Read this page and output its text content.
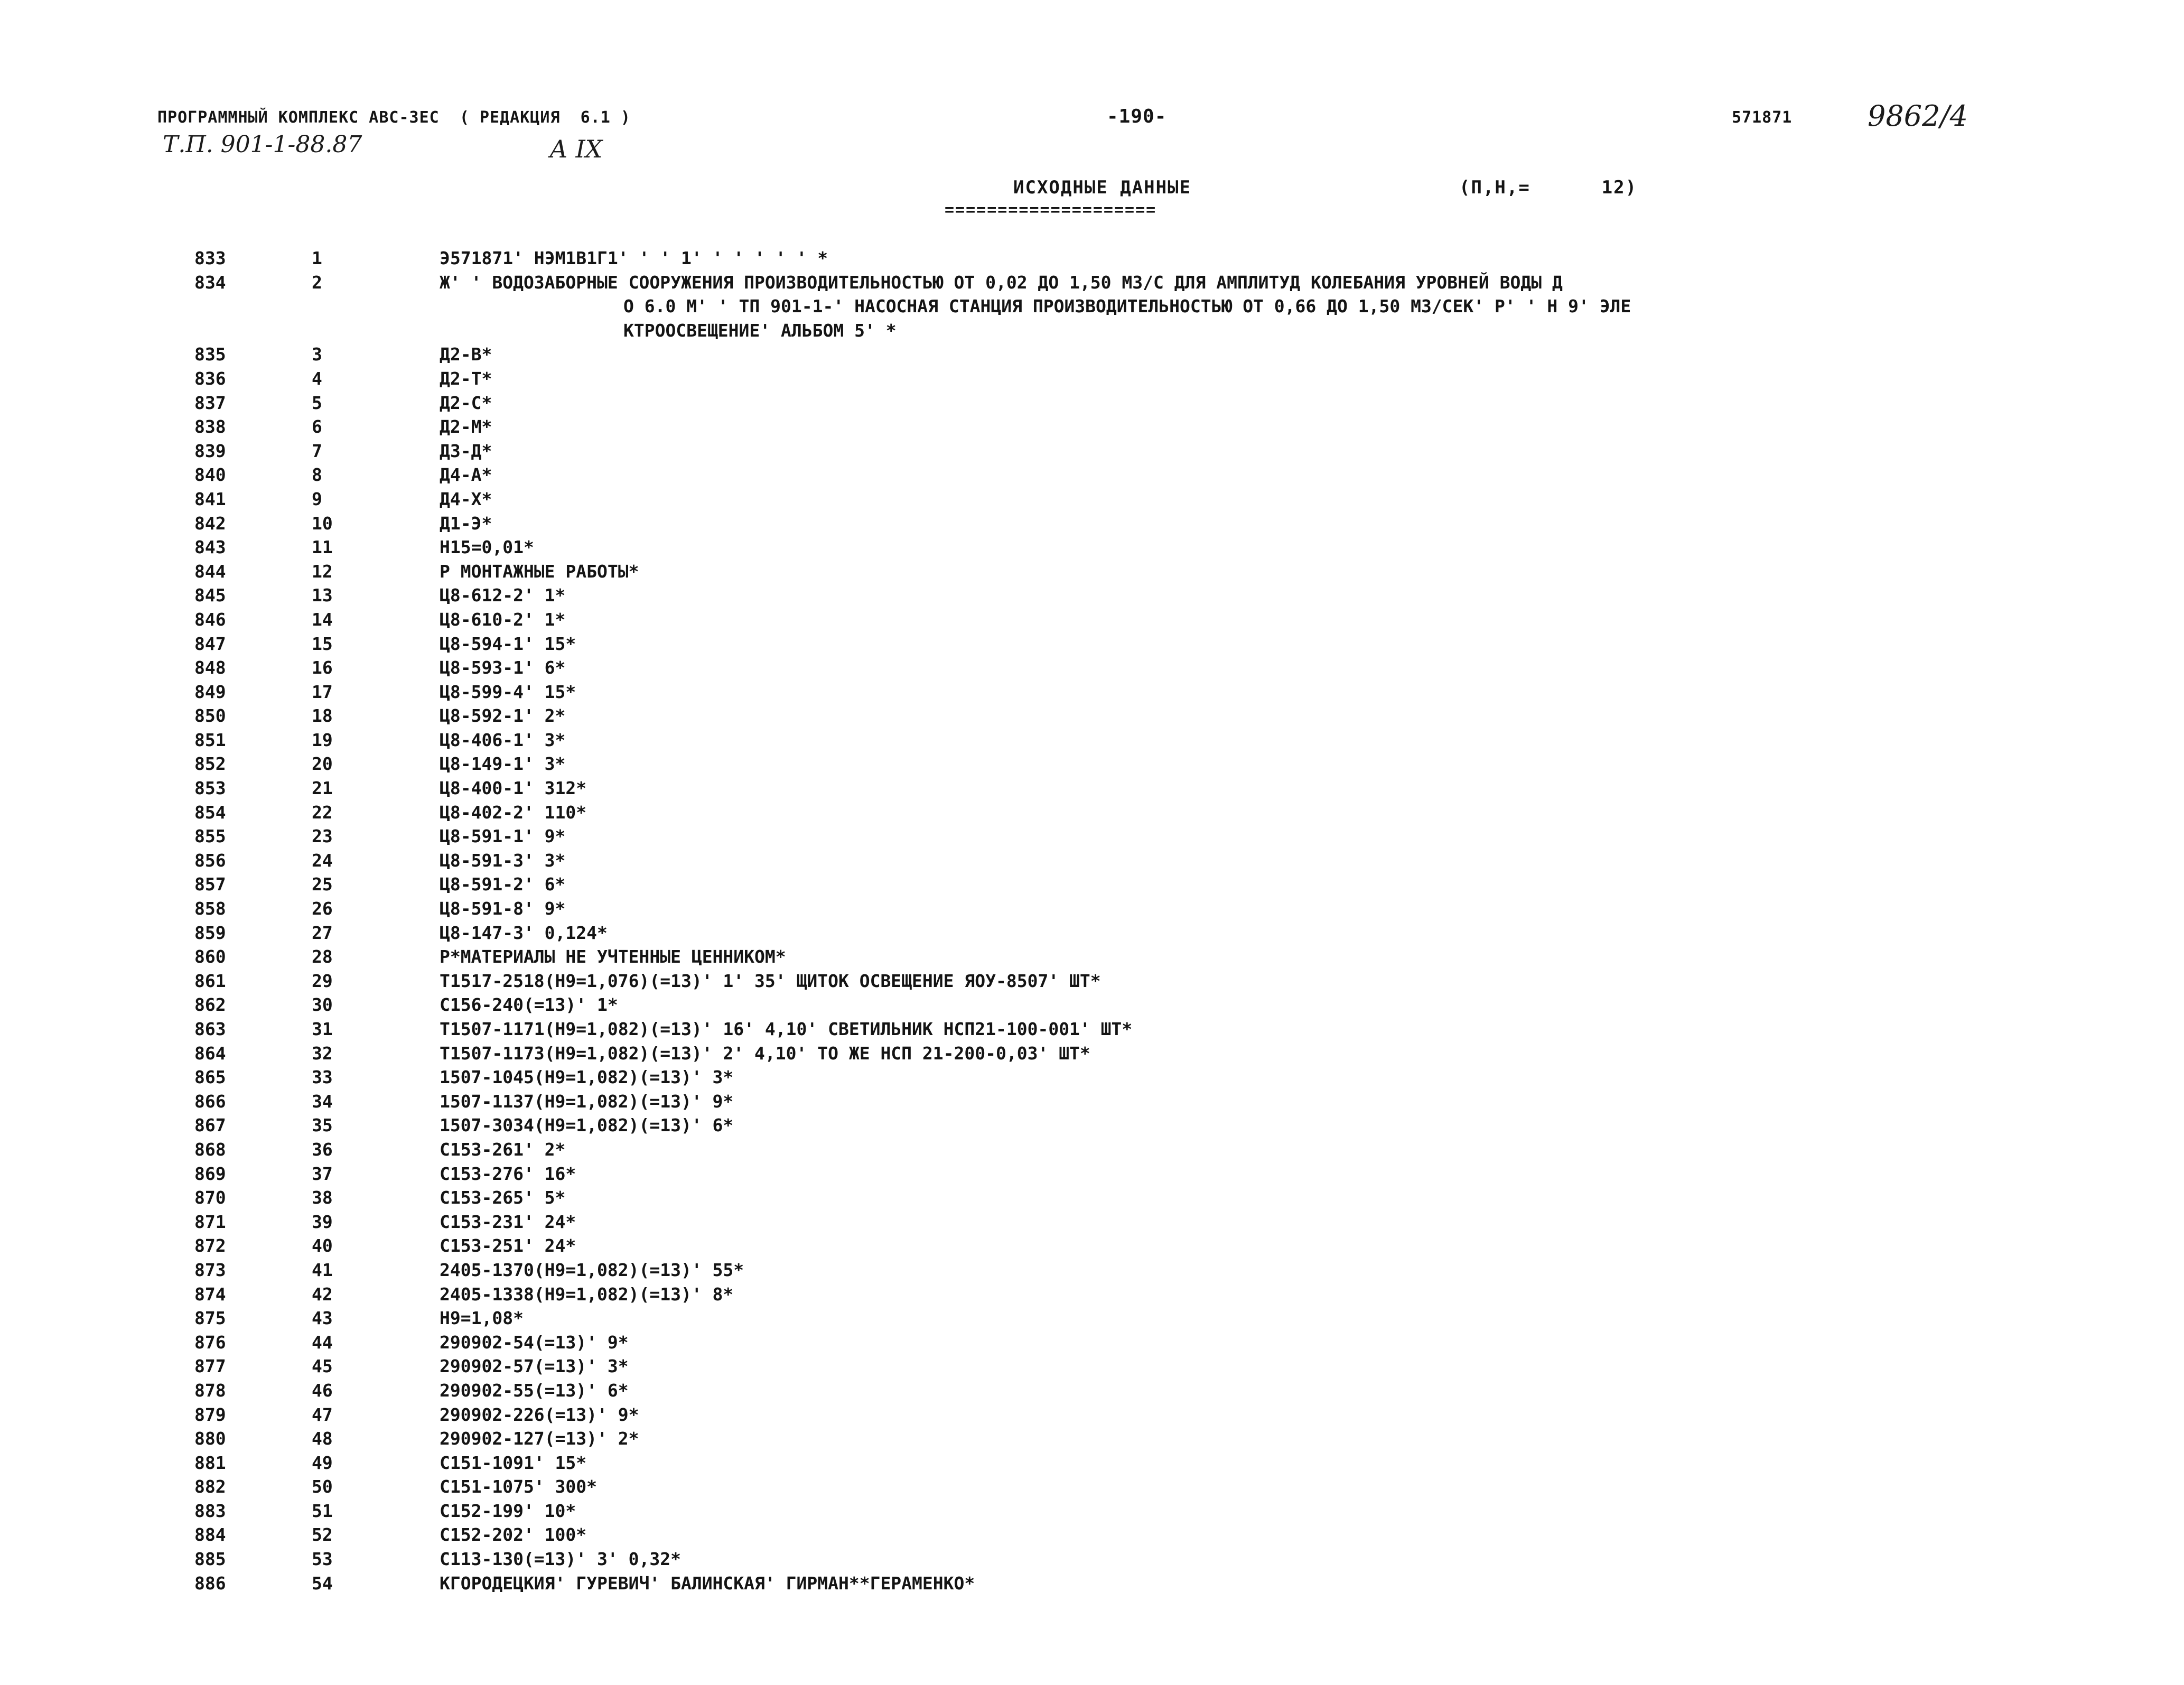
ПРОГРАММНЫЙ КОМПЛЕКС АВС-ЗЕС  ( РЕДАКЦИЯ  6.1 )	-190-	571871	9862/4
Т.П. 901-1-88.87	А IX
ИСХОДНЫЕ ДАННЫЕ
====================
(П,Н,=      12)
833	1	Э571871' НЭМ1В1Г1' ' ' 1' ' ' ' ' ' *
834	2	Ж' ' ВОДОЗАБОРНЫЕ СООРУЖЕНИЯ ПРОИЗВОДИТЕЛЬНОСТЬЮ ОТ 0,02 ДО 1,50 М3/С ДЛЯ АМПЛИТУД КОЛЕБАНИЯ УРОВНЕЙ ВОДЫ Д
О 6.0 М' ' ТП 901-1-' НАСОСНАЯ СТАНЦИЯ ПРОИЗВОДИТЕЛЬНОСТЬЮ ОТ 0,66 ДО 1,50 М3/СЕК' Р' ' Н 9' ЭЛЕ
КТРООСВЕЩЕНИЕ' АЛЬБОМ 5' *
835	3	Д2-В*
836	4	Д2-Т*
837	5	Д2-С*
838	6	Д2-М*
839	7	Д3-Д*
840	8	Д4-А*
841	9	Д4-Х*
842	10	Д1-Э*
843	11	Н15=0,01*
844	12	Р МОНТАЖНЫЕ РАБОТЫ*
845	13	Ц8-612-2' 1*
846	14	Ц8-610-2' 1*
847	15	Ц8-594-1' 15*
848	16	Ц8-593-1' 6*
849	17	Ц8-599-4' 15*
850	18	Ц8-592-1' 2*
851	19	Ц8-406-1' 3*
852	20	Ц8-149-1' 3*
853	21	Ц8-400-1' 312*
854	22	Ц8-402-2' 110*
855	23	Ц8-591-1' 9*
856	24	Ц8-591-3' 3*
857	25	Ц8-591-2' 6*
858	26	Ц8-591-8' 9*
859	27	Ц8-147-3' 0,124*
860	28	Р*МАТЕРИАЛЫ НЕ УЧТЕННЫЕ ЦЕННИКОМ*
861	29	Т1517-2518(Н9=1,076)(=13)' 1' 35' ЩИТОК ОСВЕЩЕНИЕ ЯОУ-8507' ШТ*
862	30	С156-240(=13)' 1*
863	31	Т1507-1171(Н9=1,082)(=13)' 16' 4,10' СВЕТИЛЬНИК НСП21-100-001' ШТ*
864	32	Т1507-1173(Н9=1,082)(=13)' 2' 4,10' ТО ЖЕ НСП 21-200-0,03' ШТ*
865	33	1507-1045(Н9=1,082)(=13)' 3*
866	34	1507-1137(Н9=1,082)(=13)' 9*
867	35	1507-3034(Н9=1,082)(=13)' 6*
868	36	С153-261' 2*
869	37	С153-276' 16*
870	38	С153-265' 5*
871	39	С153-231' 24*
872	40	С153-251' 24*
873	41	2405-1370(Н9=1,082)(=13)' 55*
874	42	2405-1338(Н9=1,082)(=13)' 8*
875	43	Н9=1,08*
876	44	290902-54(=13)' 9*
877	45	290902-57(=13)' 3*
878	46	290902-55(=13)' 6*
879	47	290902-226(=13)' 9*
880	48	290902-127(=13)' 2*
881	49	С151-1091' 15*
882	50	С151-1075' 300*
883	51	С152-199' 10*
884	52	С152-202' 100*
885	53	С113-130(=13)' 3' 0,32*
886	54	КГОРОДЕЦКИЯ' ГУРЕВИЧ' БАЛИНСКАЯ' ГИРМАН**ГЕРАМЕНКО*
